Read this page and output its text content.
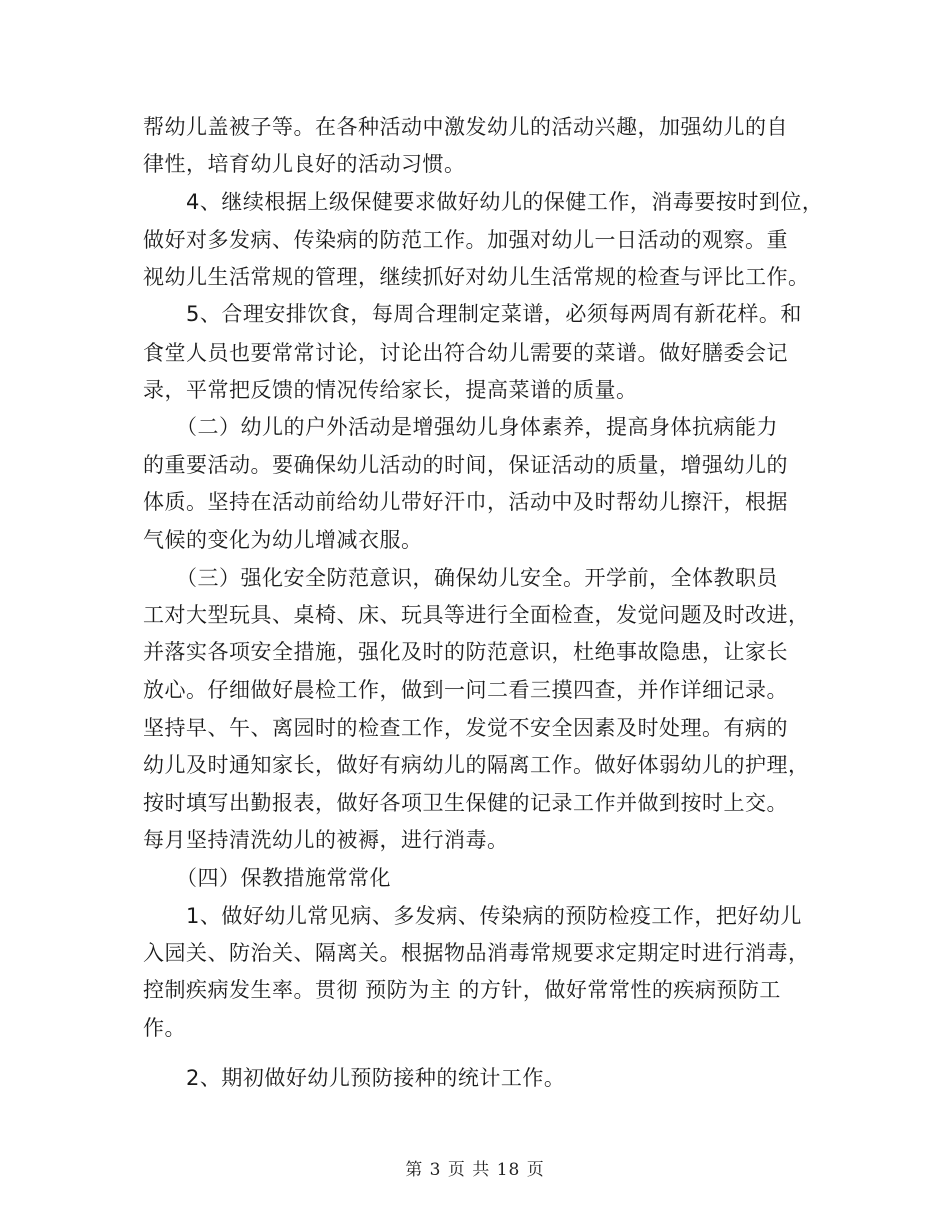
帮幼儿盖被子等。在各种活动中激发幼儿的活动兴趣，加强幼儿的自
律性，培育幼儿良好的活动习惯。
4、继续根据上级保健要求做好幼儿的保健工作，消毒要按时到位，
做好对多发病、传染病的防范工作。加强对幼儿一日活动的观察。重
视幼儿生活常规的管理，继续抓好对幼儿生活常规的检查与评比工作。
5、合理安排饮食，每周合理制定菜谱，必须每两周有新花样。和
食堂人员也要常常讨论，讨论出符合幼儿需要的菜谱。做好膳委会记
录，平常把反馈的情况传给家长，提高菜谱的质量。
（二）幼儿的户外活动是增强幼儿身体素养，提高身体抗病能力
的重要活动。要确保幼儿活动的时间，保证活动的质量，增强幼儿的
体质。坚持在活动前给幼儿带好汗巾，活动中及时帮幼儿擦汗，根据
气候的变化为幼儿增减衣服。
（三）强化安全防范意识，确保幼儿安全。开学前，全体教职员
工对大型玩具、桌椅、床、玩具等进行全面检查，发觉问题及时改进，
并落实各项安全措施，强化及时的防范意识，杜绝事故隐患，让家长
放心。仔细做好晨检工作，做到一问二看三摸四查，并作详细记录。
坚持早、午、离园时的检查工作，发觉不安全因素及时处理。有病的
幼儿及时通知家长，做好有病幼儿的隔离工作。做好体弱幼儿的护理，
按时填写出勤报表，做好各项卫生保健的记录工作并做到按时上交。
每月坚持清洗幼儿的被褥，进行消毒。
（四）保教措施常常化
1、做好幼儿常见病、多发病、传染病的预防检疫工作，把好幼儿
入园关、防治关、隔离关。根据物品消毒常规要求定期定时进行消毒，
控制疾病发生率。贯彻 预防为主 的方针，做好常常性的疾病预防工
作。
2、期初做好幼儿预防接种的统计工作。
第 3 页 共 18 页
